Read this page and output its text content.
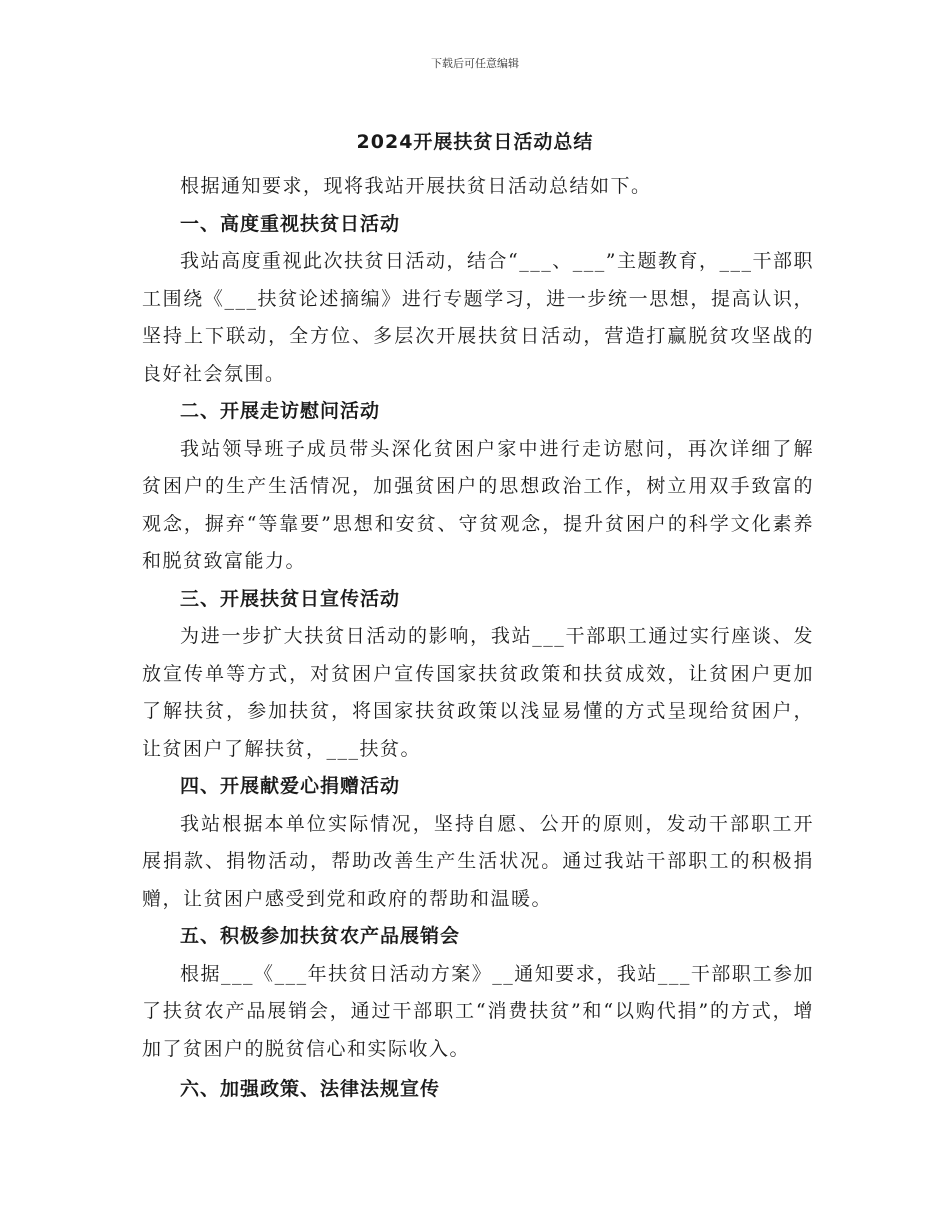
下载后可任意编辑
2024开展扶贫日活动总结

根据通知要求，现将我站开展扶贫日活动总结如下。

一、高度重视扶贫日活动

我站高度重视此次扶贫日活动，结合“___、___”主题教育，___干部职工围绕《___扶贫论述摘编》进行专题学习，进一步统一思想，提高认识，坚持上下联动，全方位、多层次开展扶贫日活动，营造打赢脱贫攻坚战的良好社会氛围。

二、开展走访慰问活动

我站领导班子成员带头深化贫困户家中进行走访慰问，再次详细了解贫困户的生产生活情况，加强贫困户的思想政治工作，树立用双手致富的观念，摒弃“等靠要”思想和安贫、守贫观念，提升贫困户的科学文化素养和脱贫致富能力。

三、开展扶贫日宣传活动

为进一步扩大扶贫日活动的影响，我站___干部职工通过实行座谈、发放宣传单等方式，对贫困户宣传国家扶贫政策和扶贫成效，让贫困户更加了解扶贫，参加扶贫，将国家扶贫政策以浅显易懂的方式呈现给贫困户，让贫困户了解扶贫，___扶贫。

四、开展献爱心捐赠活动

我站根据本单位实际情况，坚持自愿、公开的原则，发动干部职工开展捐款、捐物活动，帮助改善生产生活状况。通过我站干部职工的积极捐赠，让贫困户感受到党和政府的帮助和温暖。

五、积极参加扶贫农产品展销会

根据___《___年扶贫日活动方案》__通知要求，我站___干部职工参加了扶贫农产品展销会，通过干部职工“消费扶贫”和“以购代捐”的方式，增加了贫困户的脱贫信心和实际收入。

六、加强政策、法律法规宣传
